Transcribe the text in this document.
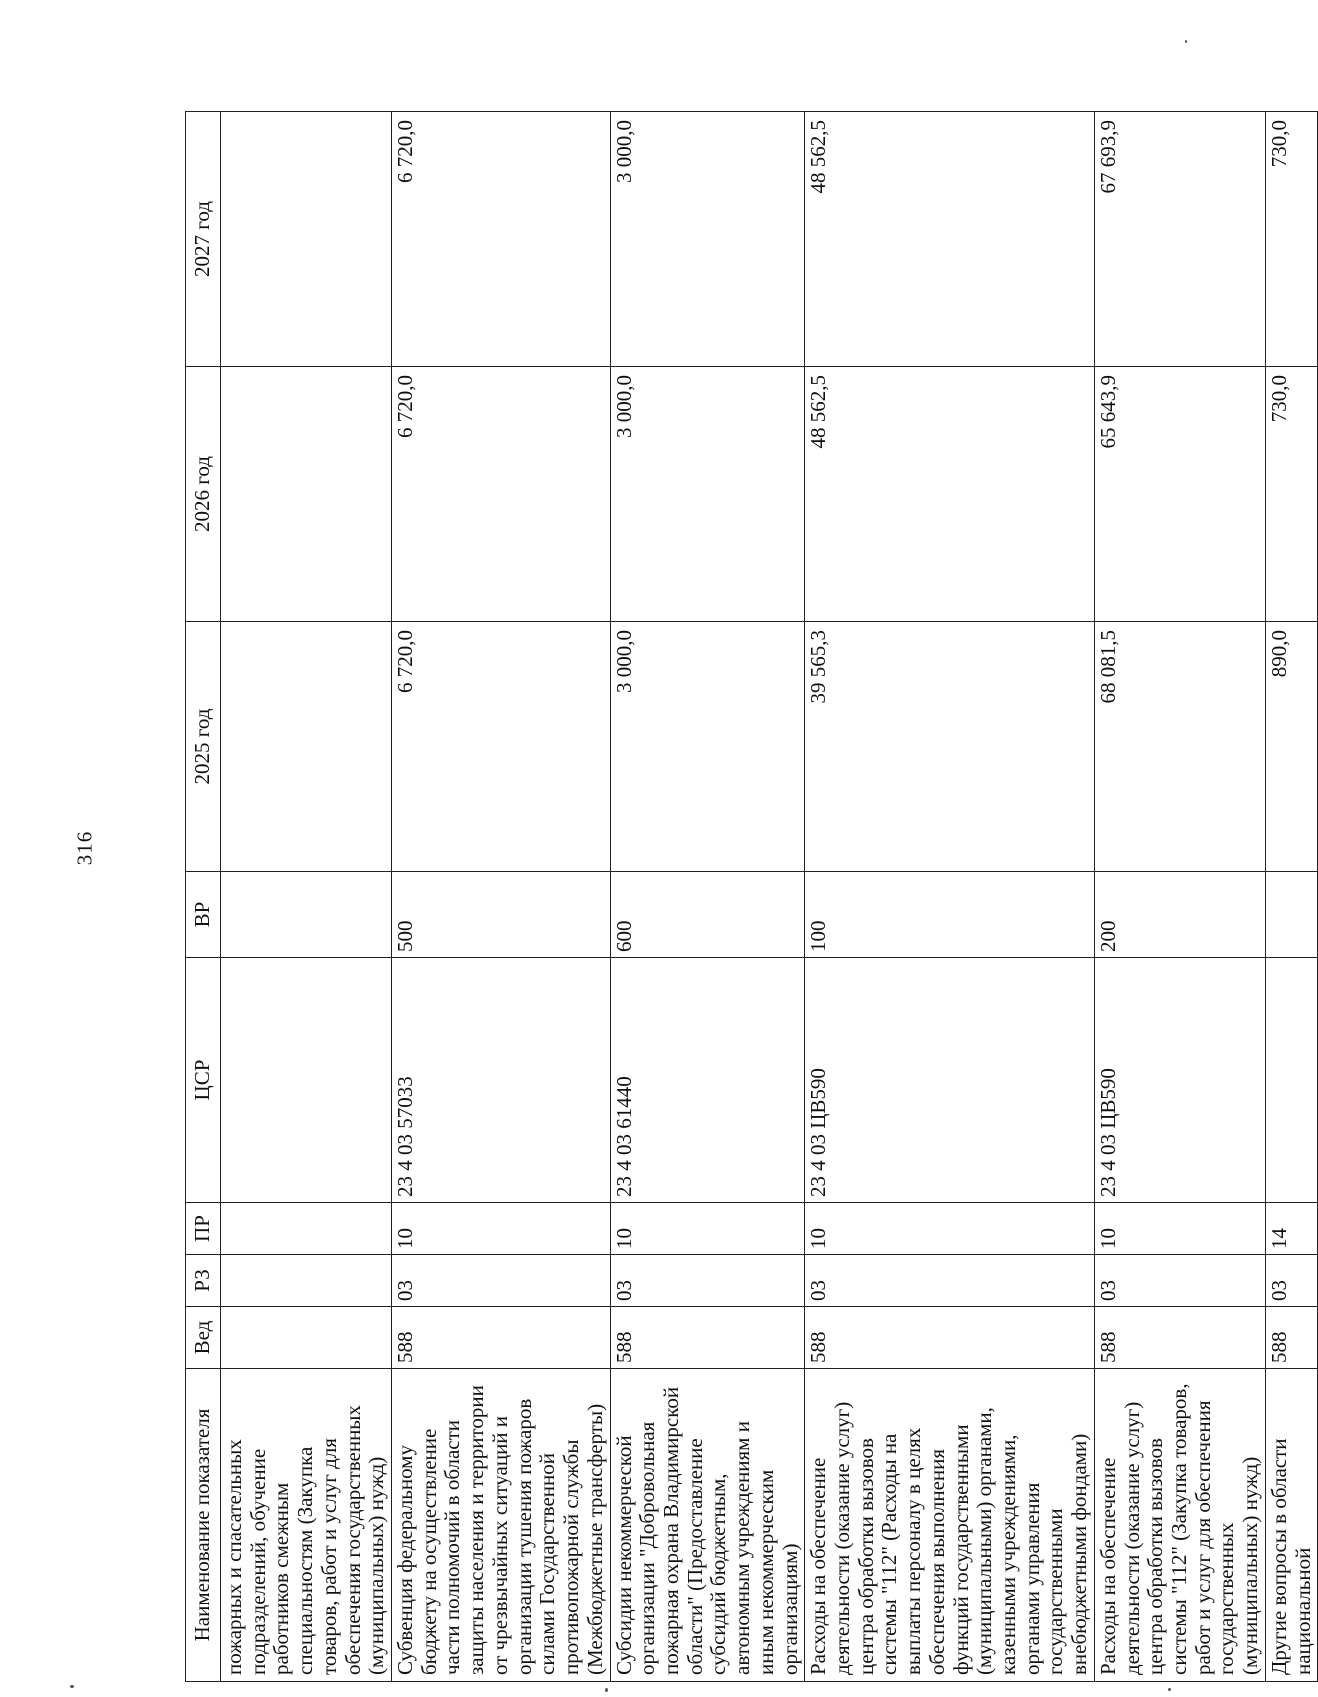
316
Наименование показателя	Вед	РЗ	ПР	ЦСР	ВР	2025 год	2026 год	2027 год
пожарных и спасательных подразделений, обучение работников смежным специальностям (Закупка товаров, работ и услуг для обеспечения государственных (муниципальных) нужд)								
Субвенция федеральному бюджету на осуществление части полномочий в области защиты населения и территории от чрезвычайных ситуаций и организации тушения пожаров силами Государственной противопожарной службы (Межбюджетные трансферты)	588	03	10	23 4 03 57033	500	6 720,0	6 720,0	6 720,0
Субсидии некоммерческой организации "Добровольная пожарная охрана Владимирской области" (Предоставление субсидий бюджетным, автономным учреждениям и иным некоммерческим организациям)	588	03	10	23 4 03 61440	600	3 000,0	3 000,0	3 000,0
Расходы на обеспечение деятельности (оказание услуг) центра обработки вызовов системы "112" (Расходы на выплаты персоналу в целях обеспечения выполнения функций государственными (муниципальными) органами, казенными учреждениями, органами управления государственными внебюджетными фондами)	588	03	10	23 4 03 ЦВ590	100	39 565,3	48 562,5	48 562,5
Расходы на обеспечение деятельности (оказание услуг) центра обработки вызовов системы "112" (Закупка товаров, работ и услуг для обеспечения государственных (муниципальных) нужд)	588	03	10	23 4 03 ЦВ590	200	68 081,5	65 643,9	67 693,9
Другие вопросы в области национальной	588	03	14			890,0	730,0	730,0
